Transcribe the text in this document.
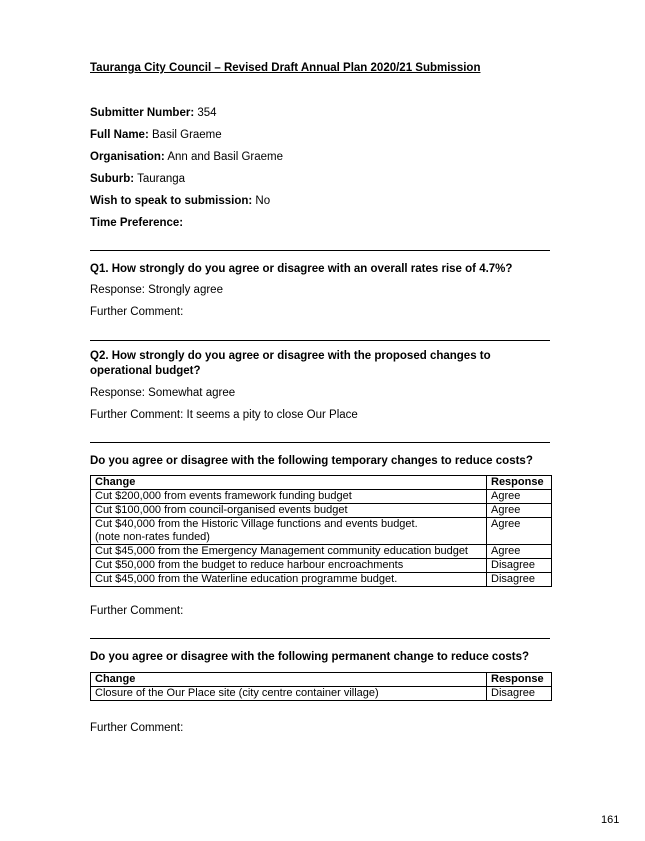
Tauranga City Council – Revised Draft Annual Plan 2020/21 Submission
Submitter Number: 354
Full Name: Basil Graeme
Organisation: Ann and Basil Graeme
Suburb: Tauranga
Wish to speak to submission: No
Time Preference:
Q1. How strongly do you agree or disagree with an overall rates rise of 4.7%?
Response: Strongly agree
Further Comment:
Q2. How strongly do you agree or disagree with the proposed changes to operational budget?
Response: Somewhat agree
Further Comment: It seems a pity to close Our Place
Do you agree or disagree with the following temporary changes to reduce costs?
Change	Response
Cut $200,000 from events framework funding budget	Agree
Cut $100,000 from council-organised events budget	Agree
Cut $40,000 from the Historic Village functions and events budget.
(note non-rates funded)	Agree
Cut $45,000 from the Emergency Management community education budget	Agree
Cut $50,000 from the budget to reduce harbour encroachments	Disagree
Cut $45,000 from the Waterline education programme budget.	Disagree
Further Comment:
Do you agree or disagree with the following permanent change to reduce costs?
Change	Response
Closure of the Our Place site (city centre container village)	Disagree
Further Comment:
161
